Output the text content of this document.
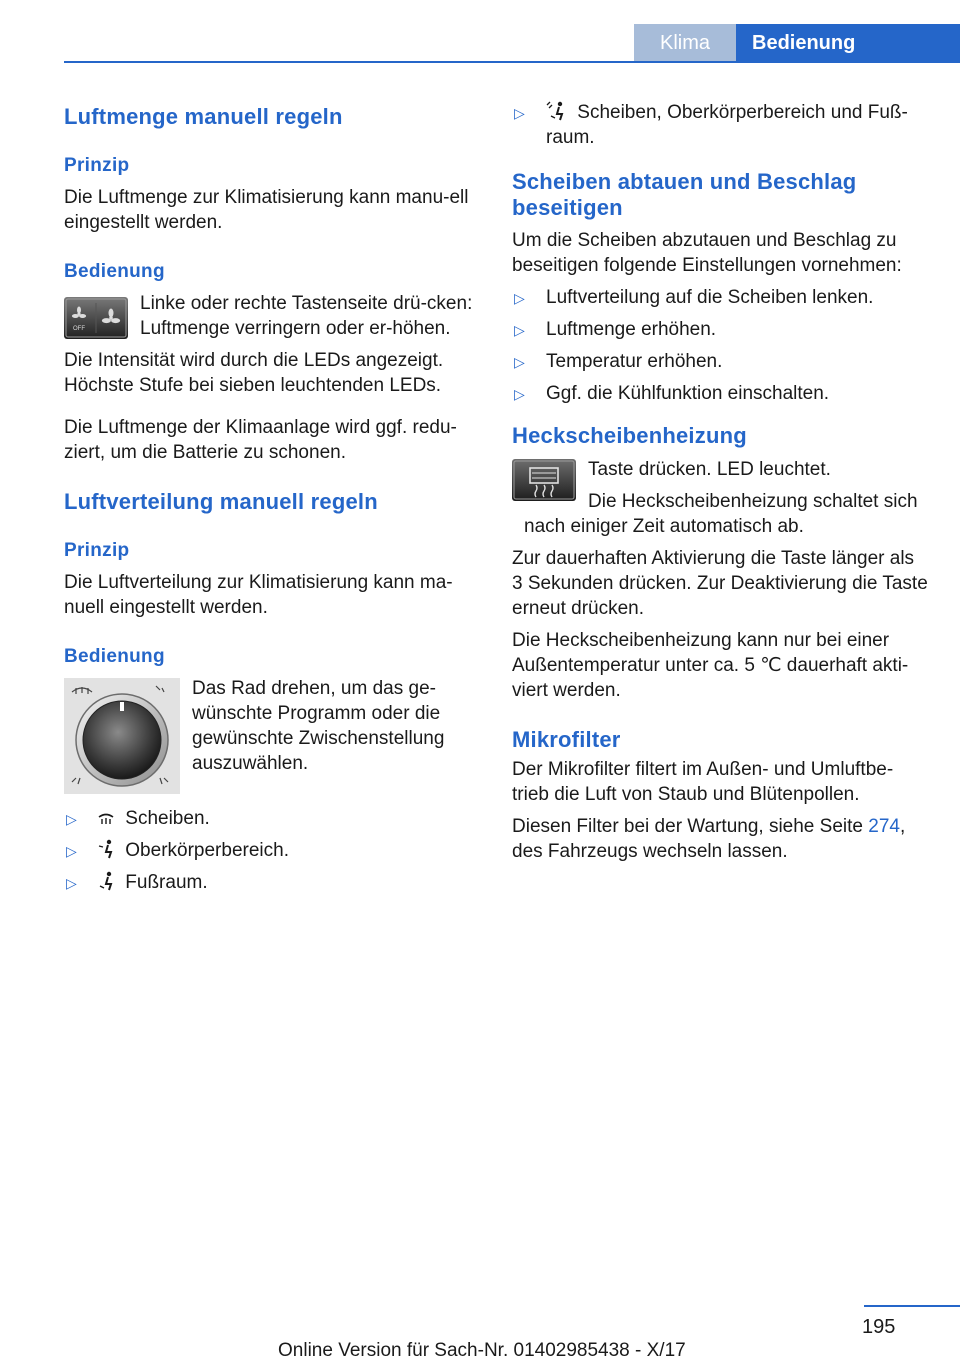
Klima	Bedienung
Luftmenge manuell regeln
Prinzip
Die Luftmenge zur Klimatisierung kann manu-ell eingestellt werden.
Bedienung
OFF
Linke oder rechte Tastenseite drü-cken: Luftmenge verringern oder er-höhen.
Die Intensität wird durch die LEDs angezeigt. Höchste Stufe bei sieben leuchtenden LEDs.
Die Luftmenge der Klimaanlage wird ggf. redu-ziert, um die Batterie zu schonen.
Luftverteilung manuell regeln
Prinzip
Die Luftverteilung zur Klimatisierung kann ma-nuell eingestellt werden.
Bedienung
Das Rad drehen, um das ge-wünschte Programm oder die gewünschte Zwischenstellung auszuwählen.
▷	Scheiben.
▷	Oberkörperbereich.
▷	Fußraum.
▷	Scheiben, Oberkörperbereich und Fuß-raum.
Scheiben abtauen und Beschlag beseitigen
Um die Scheiben abzutauen und Beschlag zu beseitigen folgende Einstellungen vornehmen:
▷ Luftverteilung auf die Scheiben lenken.
▷ Luftmenge erhöhen.
▷ Temperatur erhöhen.
▷ Ggf. die Kühlfunktion einschalten.
Heckscheibenheizung
Taste drücken. LED leuchtet.
Die Heckscheibenheizung schaltet sich nach einiger Zeit automatisch ab.
Zur dauerhaften Aktivierung die Taste länger als 3 Sekunden drücken. Zur Deaktivierung die Taste erneut drücken.
Die Heckscheibenheizung kann nur bei einer Außentemperatur unter ca. 5 ℃ dauerhaft akti-viert werden.
Mikrofilter
Der Mikrofilter filtert im Außen- und Umluftbe-trieb die Luft von Staub und Blütenpollen.
Diesen Filter bei der Wartung, siehe Seite 274, des Fahrzeugs wechseln lassen.
195
Online Version für Sach-Nr. 01402985438 - X/17
